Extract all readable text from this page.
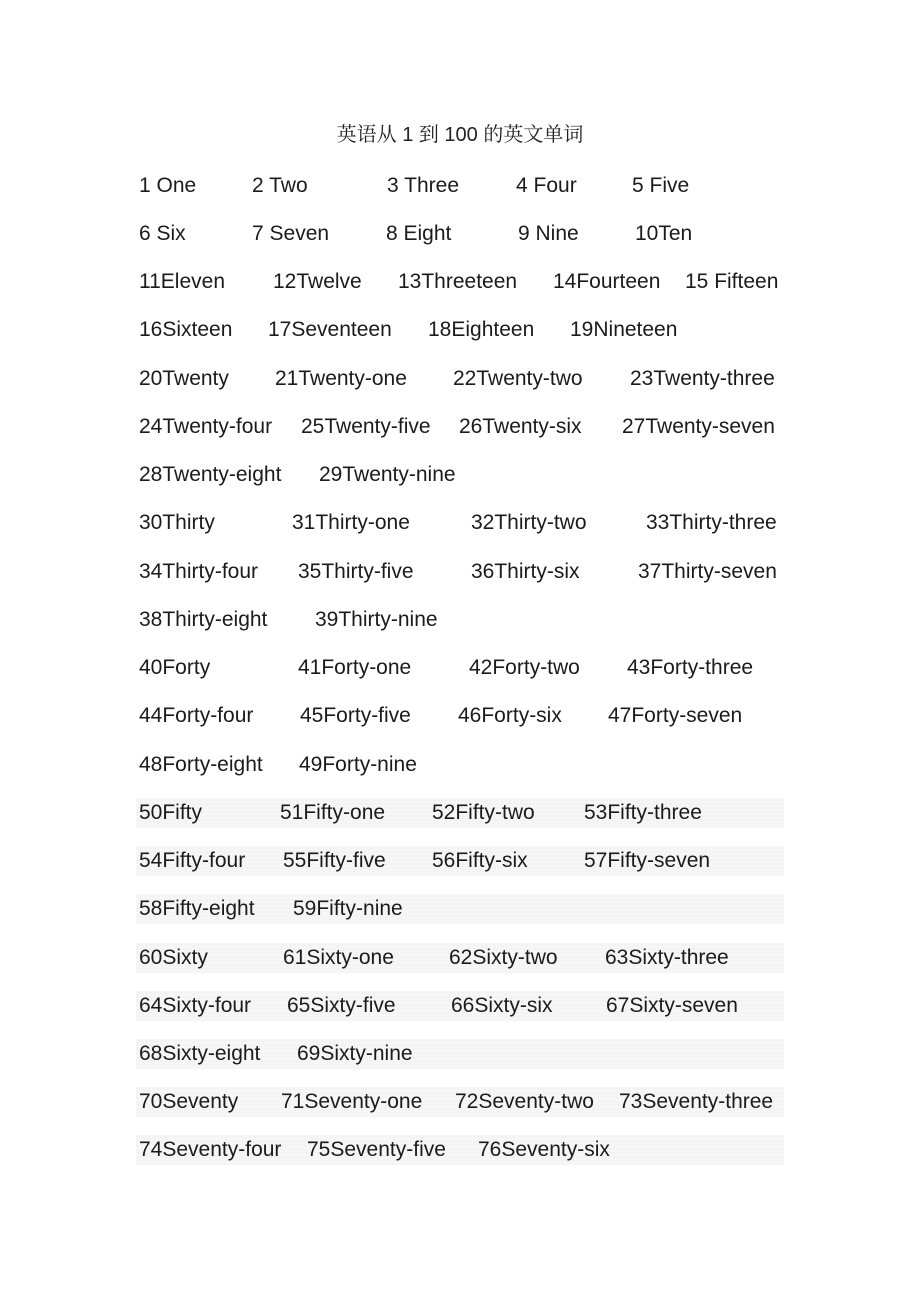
英语从 1 到 100 的英文单词
1 One	2 Two	3 Three	4 Four	5 Five
6 Six	7 Seven	8 Eight	9 Nine	10Ten
11Eleven 12Twelve 13Threeteen 14Fourteen 15 Fifteen
16Sixteen 17Seventeen 18Eighteen 19Nineteen
20Twenty 21Twenty-one 22Twenty-two 23Twenty-three
24Twenty-four 25Twenty-five 26Twenty-six 27Twenty-seven
28Twenty-eight 29Twenty-nine
30Thirty	31Thirty-one	32Thirty-two	33Thirty-three
34Thirty-four 35Thirty-five	36Thirty-six	37Thirty-seven
38Thirty-eight 39Thirty-nine
40Forty	41Forty-one	42Forty-two 43Forty-three
44Forty-four 45Forty-five 46Forty-six 47Forty-seven
48Forty-eight 49Forty-nine
50Fifty	51Fifty-one 52Fifty-two 53Fifty-three
54Fifty-four 55Fifty-five 56Fifty-six	57Fifty-seven
58Fifty-eight 59Fifty-nine
60Sixty	61Sixty-one	62Sixty-two 63Sixty-three
64Sixty-four 65Sixty-five	66Sixty-six	67Sixty-seven
68Sixty-eight 69Sixty-nine
70Seventy 71Seventy-one 72Seventy-two 73Seventy-three
74Seventy-four 75Seventy-five 76Seventy-six
